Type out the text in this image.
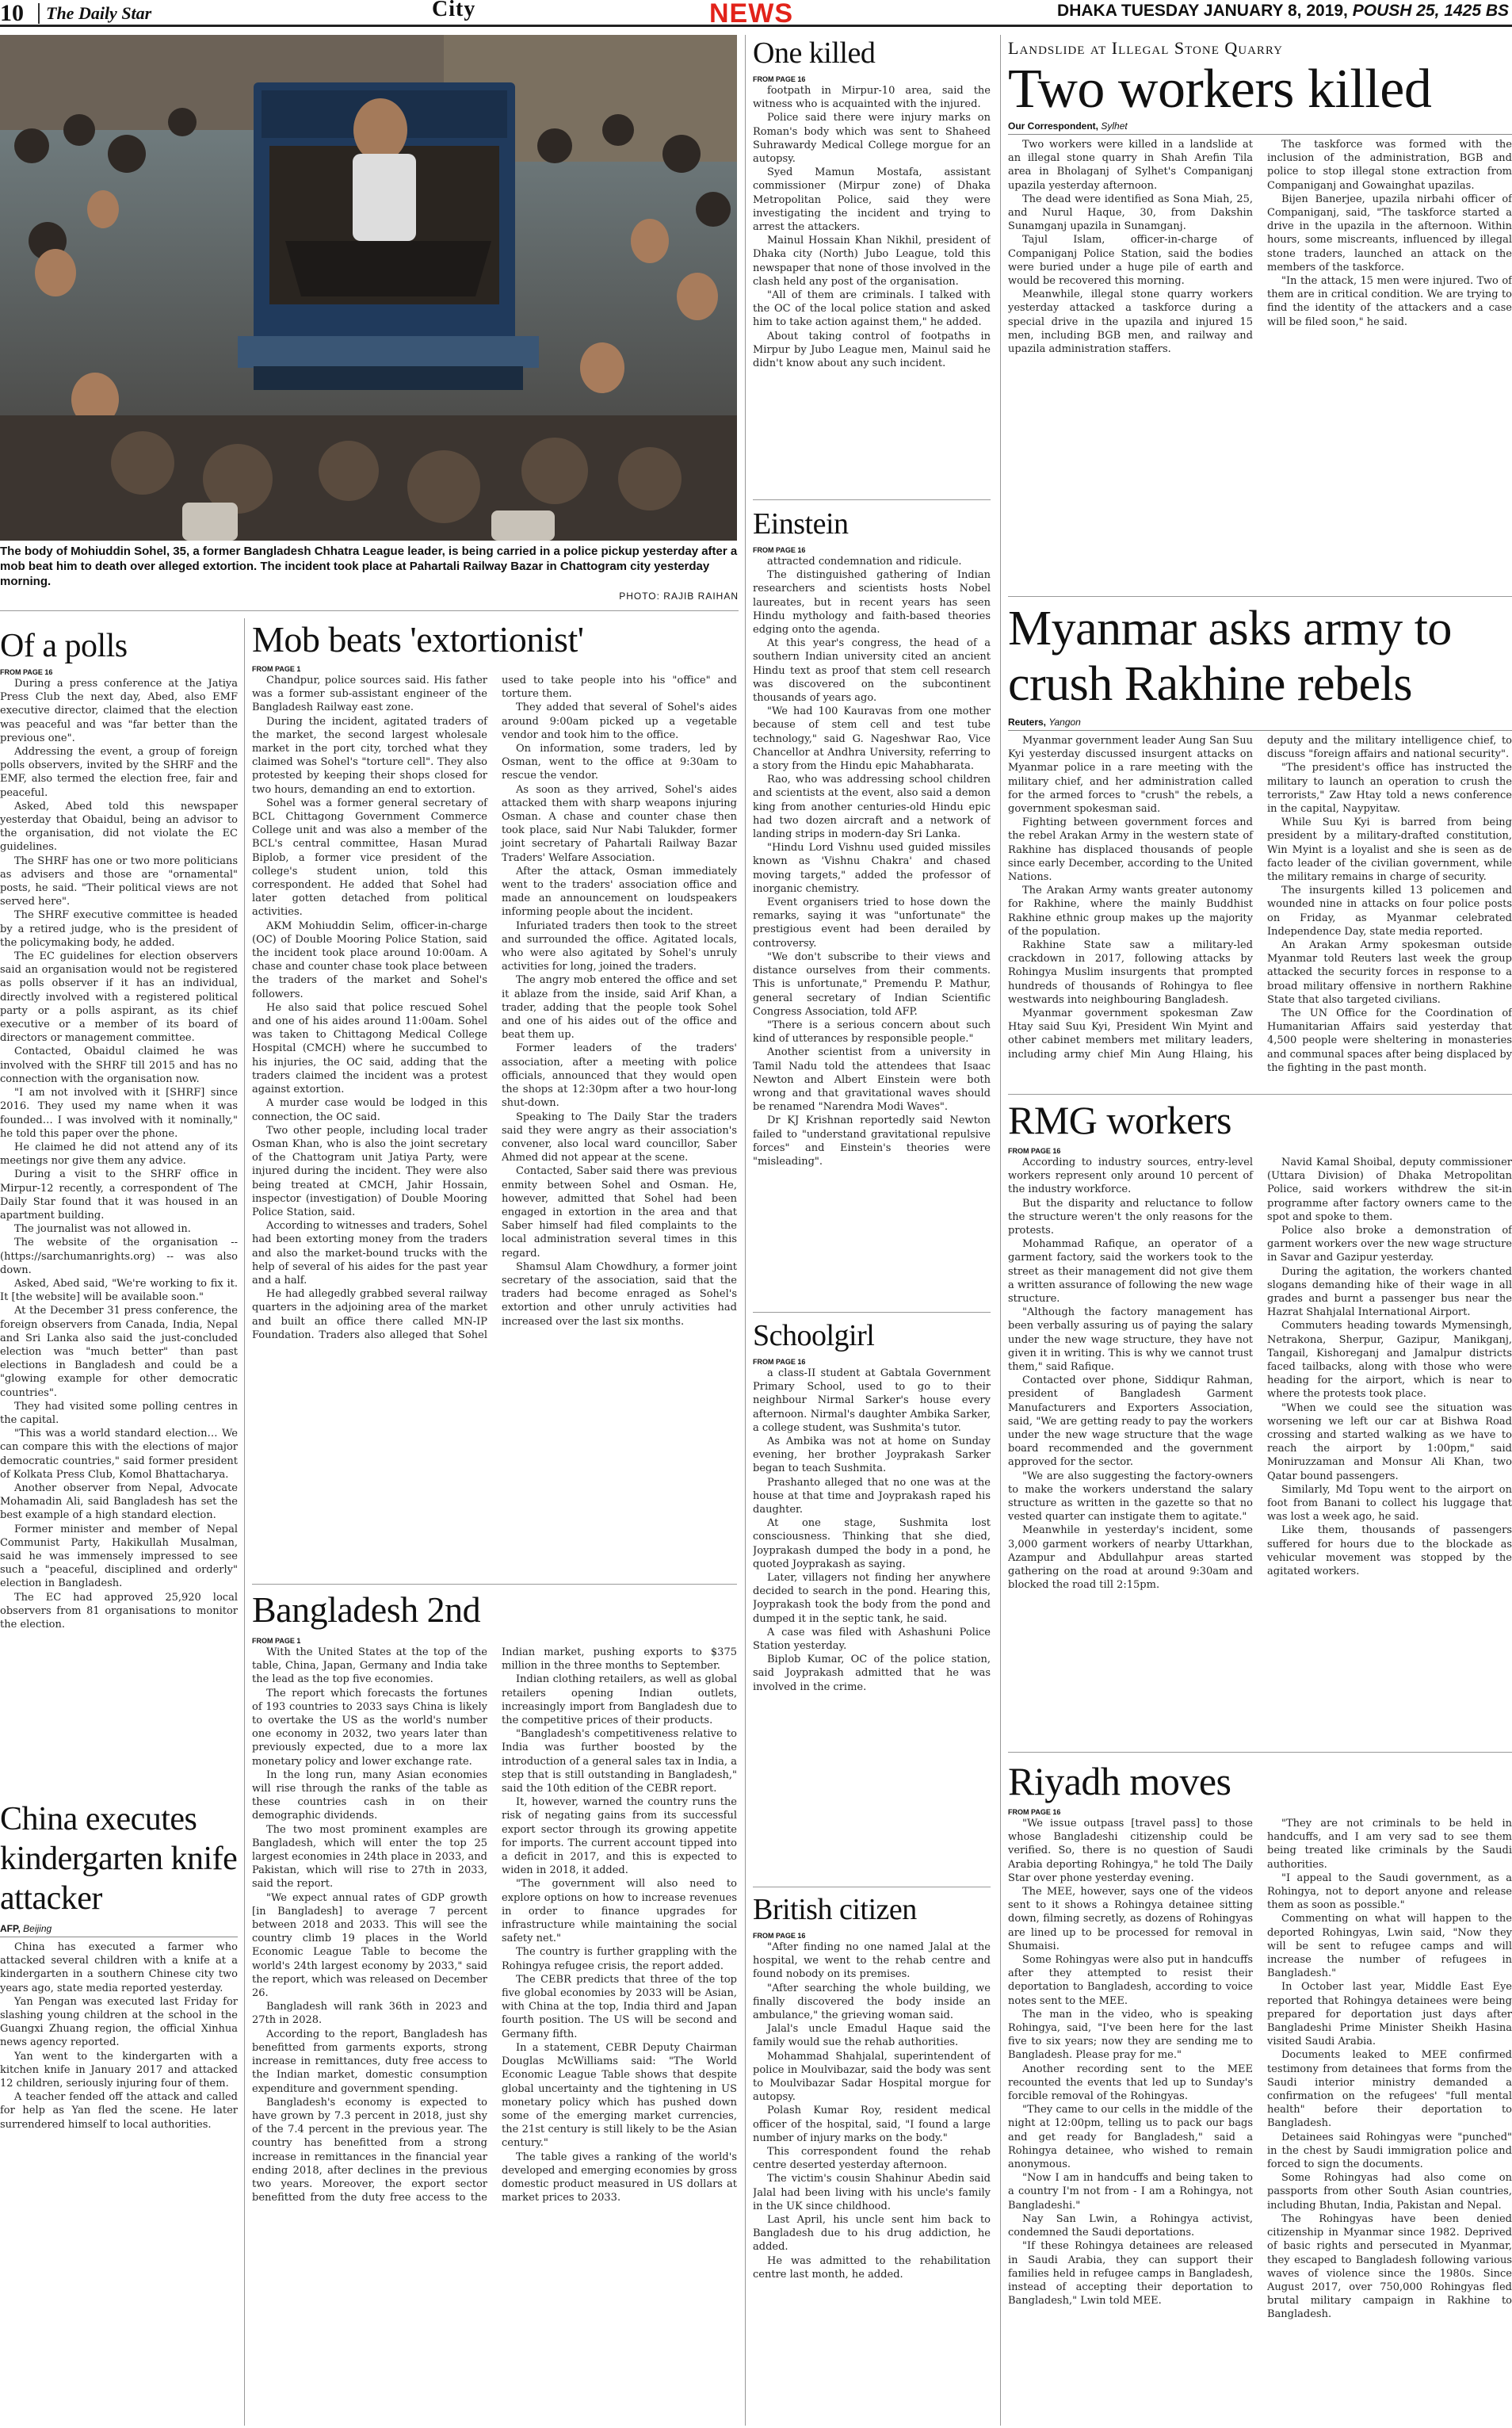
10	The Daily Star	City	NEWS	DHAKA TUESDAY JANUARY 8, 2019, POUSH 25, 1425 BS
The body of Mohiuddin Sohel, 35, a former Bangladesh Chhatra League leader, is being carried in a police pickup yesterday after a mob beat him to death over alleged extortion. The incident took place at Pahartali Railway Bazar in Chattogram city yesterday morning.
PHOTO: RAJIB RAIHAN
Of a polls
FROM PAGE 16

During a press conference at the Jatiya Press Club the next day, Abed, also EMF executive director, claimed that the election was peaceful and was "far better than the previous one".

Addressing the event, a group of foreign polls observers, invited by the SHRF and the EMF, also termed the election free, fair and peaceful.

Asked, Abed told this newspaper yesterday that Obaidul, being an advisor to the organisation, did not violate the EC guidelines.

The SHRF has one or two more politicians as advisers and those are "ornamental" posts, he said. "Their political views are not served here".

The SHRF executive committee is headed by a retired judge, who is the president of the policymaking body, he added.

The EC guidelines for election observers said an organisation would not be registered as polls observer if it has an individual, directly involved with a registered political party or a polls aspirant, as its chief executive or a member of its board of directors or management committee.

Contacted, Obaidul claimed he was involved with the SHRF till 2015 and has no connection with the organisation now.

"I am not involved with it [SHRF] since 2016. They used my name when it was founded… I was involved with it nominally," he told this paper over the phone.

He claimed he did not attend any of its meetings nor give them any advice.

During a visit to the SHRF office in Mirpur-12 recently, a correspondent of The Daily Star found that it was housed in an apartment building.

The journalist was not allowed in.

The website of the organisation -- (https://sarchumanrights.org) -- was also down.

Asked, Abed said, "We're working to fix it. It [the website] will be available soon."

At the December 31 press conference, the foreign observers from Canada, India, Nepal and Sri Lanka also said the just-concluded election was "much better" than past elections in Bangladesh and could be a "glowing example for other democratic countries".

They had visited some polling centres in the capital.

"This was a world standard election… We can compare this with the elections of major democratic countries," said former president of Kolkata Press Club, Komol Bhattacharya.

Another observer from Nepal, Advocate Mohamadin Ali, said Bangladesh has set the best example of a high standard election.

Former minister and member of Nepal Communist Party, Hakikullah Musalman, said he was immensely impressed to see such a "peaceful, disciplined and orderly" election in Bangladesh.

The EC had approved 25,920 local observers from 81 organisations to monitor the election.

China executes kindergarten knife attacker
AFP, Beijing

China has executed a farmer who attacked several children with a knife at a kindergarten in a southern Chinese city two years ago, state media reported yesterday.

Yan Pengan was executed last Friday for slashing young children at the school in the Guangxi Zhuang region, the official Xinhua news agency reported.

Yan went to the kindergarten with a kitchen knife in January 2017 and attacked 12 children, seriously injuring four of them.

A teacher fended off the attack and called for help as Yan fled the scene. He later surrendered himself to local authorities.

Mob beats 'extortionist'
FROM PAGE 1

Chandpur, police sources said. His father was a former sub-assistant engineer of the Bangladesh Railway east zone.

During the incident, agitated traders of the market, the second largest wholesale market in the port city, torched what they claimed was Sohel's "torture cell". They also protested by keeping their shops closed for two hours, demanding an end to extortion.

Sohel was a former general secretary of BCL Chittagong Government Commerce College unit and was also a member of the BCL's central committee, Hasan Murad Biplob, a former vice president of the college's student union, told this correspondent. He added that Sohel had later gotten detached from political activities.

AKM Mohiuddin Selim, officer-in-charge (OC) of Double Mooring Police Station, said the incident took place around 10:00am. A chase and counter chase took place between the traders of the market and Sohel's followers.

He also said that police rescued Sohel and one of his aides around 11:00am. Sohel was taken to Chittagong Medical College Hospital (CMCH) where he succumbed to his injuries, the OC said, adding that the traders claimed the incident was a protest against extortion.

A murder case would be lodged in this connection, the OC said.

Two other people, including local trader Osman Khan, who is also the joint secretary of the Chattogram unit Jatiya Party, were injured during the incident. They were also being treated at CMCH, Jahir Hossain, inspector (investigation) of Double Mooring Police Station, said.

According to witnesses and traders, Sohel had been extorting money from the traders and also the market-bound trucks with the help of several of his aides for the past year and a half.

He had allegedly grabbed several railway quarters in the adjoining area of the market and built an office there called MN-IP Foundation. Traders also alleged that Sohel used to take people into his "office" and torture them.

They added that several of Sohel's aides around 9:00am picked up a vegetable vendor and took him to the office.

On information, some traders, led by Osman, went to the office at 9:30am to rescue the vendor.

As soon as they arrived, Sohel's aides attacked them with sharp weapons injuring Osman. A chase and counter chase then took place, said Nur Nabi Talukder, former joint secretary of Pahartali Railway Bazar Traders' Welfare Association.

After the attack, Osman immediately went to the traders' association office and made an announcement on loudspeakers informing people about the incident.

Infuriated traders then took to the street and surrounded the office. Agitated locals, who were also agitated by Sohel's unruly activities for long, joined the traders.

The angry mob entered the office and set it ablaze from the inside, said Arif Khan, a trader, adding that the people took Sohel and one of his aides out of the office and beat them up.

Former leaders of the traders' association, after a meeting with police officials, announced that they would open the shops at 12:30pm after a two hour-long shut-down.

Speaking to The Daily Star the traders said they were angry as their association's convener, also local ward councillor, Saber Ahmed did not appear at the scene.

Contacted, Saber said there was previous enmity between Sohel and Osman. He, however, admitted that Sohel had been engaged in extortion in the area and that Saber himself had filed complaints to the local administration several times in this regard.

Shamsul Alam Chowdhury, a former joint secretary of the association, said that the traders had become enraged as Sohel's extortion and other unruly activities had increased over the last six months.

Bangladesh 2nd
FROM PAGE 1

With the United States at the top of the table, China, Japan, Germany and India take the lead as the top five economies.

The report which forecasts the fortunes of 193 countries to 2033 says China is likely to overtake the US as the world's number one economy in 2032, two years later than previously expected, due to a more lax monetary policy and lower exchange rate.

In the long run, many Asian economies will rise through the ranks of the table as these countries cash in on their demographic dividends.

The two most prominent examples are Bangladesh, which will enter the top 25 largest economies in 24th place in 2033, and Pakistan, which will rise to 27th in 2033, said the report.

"We expect annual rates of GDP growth [in Bangladesh] to average 7 percent between 2018 and 2033. This will see the country climb 19 places in the World Economic League Table to become the world's 24th largest economy by 2033," said the report, which was released on December 26.

Bangladesh will rank 36th in 2023 and 27th in 2028.

According to the report, Bangladesh has benefitted from garments exports, strong increase in remittances, duty free access to the Indian market, domestic consumption expenditure and government spending.

Bangladesh's economy is expected to have grown by 7.3 percent in 2018, just shy of the 7.4 percent in the previous year. The country has benefitted from a strong increase in remittances in the financial year ending 2018, after declines in the previous two years. Moreover, the export sector benefitted from the duty free access to the Indian market, pushing exports to $375 million in the three months to September.

Indian clothing retailers, as well as global retailers opening Indian outlets, increasingly import from Bangladesh due to the competitive prices of their products.

"Bangladesh's competitiveness relative to India was further boosted by the introduction of a general sales tax in India, a step that is still outstanding in Bangladesh," said the 10th edition of the CEBR report.

It, however, warned the country runs the risk of negating gains from its successful export sector through its growing appetite for imports. The current account tipped into a deficit in 2017, and this is expected to widen in 2018, it added.

"The government will also need to explore options on how to increase revenues in order to finance upgrades for infrastructure while maintaining the social safety net."

The country is further grappling with the Rohingya refugee crisis, the report added.

The CEBR predicts that three of the top five global economies by 2033 will be Asian, with China at the top, India third and Japan fourth position. The US will be second and Germany fifth.

In a statement, CEBR Deputy Chairman Douglas McWilliams said: "The World Economic League Table shows that despite global uncertainty and the tightening in US monetary policy which has pushed down some of the emerging market currencies, the 21st century is still likely to be the Asian century."

The table gives a ranking of the world's developed and emerging economies by gross domestic product measured in US dollars at market prices to 2033.

One killed
FROM PAGE 16

footpath in Mirpur-10 area, said the witness who is acquainted with the injured.

Police said there were injury marks on Roman's body which was sent to Shaheed Suhrawardy Medical College morgue for an autopsy.

Syed Mamun Mostafa, assistant commissioner (Mirpur zone) of Dhaka Metropolitan Police, said they were investigating the incident and trying to arrest the attackers.

Mainul Hossain Khan Nikhil, president of Dhaka city (North) Jubo League, told this newspaper that none of those involved in the clash held any post of the organisation.

"All of them are criminals. I talked with the OC of the local police station and asked him to take action against them," he added.

About taking control of footpaths in Mirpur by Jubo League men, Mainul said he didn't know about any such incident.

Einstein
FROM PAGE 16

attracted condemnation and ridicule.

The distinguished gathering of Indian researchers and scientists hosts Nobel laureates, but in recent years has seen Hindu mythology and faith-based theories edging onto the agenda.

At this year's congress, the head of a southern Indian university cited an ancient Hindu text as proof that stem cell research was discovered on the subcontinent thousands of years ago.

"We had 100 Kauravas from one mother because of stem cell and test tube technology," said G. Nageshwar Rao, Vice Chancellor at Andhra University, referring to a story from the Hindu epic Mahabharata.

Rao, who was addressing school children and scientists at the event, also said a demon king from another centuries-old Hindu epic had two dozen aircraft and a network of landing strips in modern-day Sri Lanka.

"Hindu Lord Vishnu used guided missiles known as 'Vishnu Chakra' and chased moving targets," added the professor of inorganic chemistry.

Event organisers tried to hose down the remarks, saying it was "unfortunate" the prestigious event had been derailed by controversy.

"We don't subscribe to their views and distance ourselves from their comments. This is unfortunate," Premendu P. Mathur, general secretary of Indian Scientific Congress Association, told AFP.

"There is a serious concern about such kind of utterances by responsible people."

Another scientist from a university in Tamil Nadu told the attendees that Isaac Newton and Albert Einstein were both wrong and that gravitational waves should be renamed "Narendra Modi Waves".

Dr KJ Krishnan reportedly said Newton failed to "understand gravitational repulsive forces" and Einstein's theories were "misleading".

Schoolgirl
FROM PAGE 16

a class-II student at Gabtala Government Primary School, used to go to their neighbour Nirmal Sarker's house every afternoon. Nirmal's daughter Ambika Sarker, a college student, was Sushmita's tutor.

As Ambika was not at home on Sunday evening, her brother Joyprakash Sarker began to teach Sushmita.

Prashanto alleged that no one was at the house at that time and Joyprakash raped his daughter.

At one stage, Sushmita lost consciousness. Thinking that she died, Joyprakash dumped the body in a pond, he quoted Joyprakash as saying.

Later, villagers not finding her anywhere decided to search in the pond. Hearing this, Joyprakash took the body from the pond and dumped it in the septic tank, he said.

A case was filed with Ashashuni Police Station yesterday.

Biplob Kumar, OC of the police station, said Joyprakash admitted that he was involved in the crime.

British citizen
FROM PAGE 16

"After finding no one named Jalal at the hospital, we went to the rehab centre and found nobody on its premises.

"After searching the whole building, we finally discovered the body inside an ambulance," the grieving woman said.

Jalal's uncle Emadul Haque said the family would sue the rehab authorities.

Mohammad Shahjalal, superintendent of police in Moulvibazar, said the body was sent to Moulvibazar Sadar Hospital morgue for autopsy.

Polash Kumar Roy, resident medical officer of the hospital, said, "I found a large number of injury marks on the body."

This correspondent found the rehab centre deserted yesterday afternoon.

The victim's cousin Shahinur Abedin said Jalal had been living with his uncle's family in the UK since childhood.

Last April, his uncle sent him back to Bangladesh due to his drug addiction, he added.

He was admitted to the rehabilitation centre last month, he added.

Landslide at Illegal Stone Quarry
Two workers killed
Our Correspondent, Sylhet

Two workers were killed in a landslide at an illegal stone quarry in Shah Arefin Tila area in Bholaganj of Sylhet's Companiganj upazila yesterday afternoon.

The dead were identified as Sona Miah, 25, and Nurul Haque, 30, from Dakshin Sunamganj upazila in Sunamganj.

Tajul Islam, officer-in-charge of Companiganj Police Station, said the bodies were buried under a huge pile of earth and would be recovered this morning.

Meanwhile, illegal stone quarry workers yesterday attacked a taskforce during a special drive in the upazila and injured 15 men, including BGB men, and railway and upazila administration staffers.

The taskforce was formed with the inclusion of the administration, BGB and police to stop illegal stone extraction from Companiganj and Gowainghat upazilas.

Bijen Banerjee, upazila nirbahi officer of Companiganj, said, "The taskforce started a drive in the upazila in the afternoon. Within hours, some miscreants, influenced by illegal stone traders, launched an attack on the members of the taskforce.

"In the attack, 15 men were injured. Two of them are in critical condition. We are trying to find the identity of the attackers and a case will be filed soon," he said.

Myanmar asks army to crush Rakhine rebels
Reuters, Yangon

Myanmar government leader Aung San Suu Kyi yesterday discussed insurgent attacks on Myanmar police in a rare meeting with the military chief, and her administration called for the armed forces to "crush" the rebels, a government spokesman said.

Fighting between government forces and the rebel Arakan Army in the western state of Rakhine has displaced thousands of people since early December, according to the United Nations.

The Arakan Army wants greater autonomy for Rakhine, where the mainly Buddhist Rakhine ethnic group makes up the majority of the population.

Rakhine State saw a military-led crackdown in 2017, following attacks by Rohingya Muslim insurgents that prompted hundreds of thousands of Rohingya to flee westwards into neighbouring Bangladesh.

Myanmar government spokesman Zaw Htay said Suu Kyi, President Win Myint and other cabinet members met military leaders, including army chief Min Aung Hlaing, his deputy and the military intelligence chief, to discuss "foreign affairs and national security".

"The president's office has instructed the military to launch an operation to crush the terrorists," Zaw Htay told a news conference in the capital, Naypyitaw.

While Suu Kyi is barred from being president by a military-drafted constitution, Win Myint is a loyalist and she is seen as de facto leader of the civilian government, while the military remains in charge of security.

The insurgents killed 13 policemen and wounded nine in attacks on four police posts on Friday, as Myanmar celebrated Independence Day, state media reported.

An Arakan Army spokesman outside Myanmar told Reuters last week the group attacked the security forces in response to a broad military offensive in northern Rakhine State that also targeted civilians.

The UN Office for the Coordination of Humanitarian Affairs said yesterday that 4,500 people were sheltering in monasteries and communal spaces after being displaced by the fighting in the past month.

RMG workers
FROM PAGE 16

According to industry sources, entry-level workers represent only around 10 percent of the industry workforce.

But the disparity and reluctance to follow the structure weren't the only reasons for the protests.

Mohammad Rafique, an operator of a garment factory, said the workers took to the street as their management did not give them a written assurance of following the new wage structure.

"Although the factory management has been verbally assuring us of paying the salary under the new wage structure, they have not given it in writing. This is why we cannot trust them," said Rafique.

Contacted over phone, Siddiqur Rahman, president of Bangladesh Garment Manufacturers and Exporters Association, said, "We are getting ready to pay the workers under the new wage structure that the wage board recommended and the government approved for the sector.

"We are also suggesting the factory-owners to make the workers understand the salary structure as written in the gazette so that no vested quarter can instigate them to agitate."

Meanwhile in yesterday's incident, some 3,000 garment workers of nearby Uttarkhan, Azampur and Abdullahpur areas started gathering on the road at around 9:30am and blocked the road till 2:15pm.

Navid Kamal Shoibal, deputy commissioner (Uttara Division) of Dhaka Metropolitan Police, said workers withdrew the sit-in programme after factory owners came to the spot and spoke to them.

Police also broke a demonstration of garment workers over the new wage structure in Savar and Gazipur yesterday.

During the agitation, the workers chanted slogans demanding hike of their wage in all grades and burnt a passenger bus near the Hazrat Shahjalal International Airport.

Commuters heading towards Mymensingh, Netrakona, Sherpur, Gazipur, Manikganj, Tangail, Kishoreganj and Jamalpur districts faced tailbacks, along with those who were heading for the airport, which is near to where the protests took place.

"When we could see the situation was worsening we left our car at Bishwa Road crossing and started walking as we have to reach the airport by 1:00pm," said Moniruzzaman and Monsur Ali Khan, two Qatar bound passengers.

Similarly, Md Topu went to the airport on foot from Banani to collect his luggage that was lost a week ago, he said.

Like them, thousands of passengers suffered for hours due to the blockade as vehicular movement was stopped by the agitated workers.

Riyadh moves
FROM PAGE 16

"We issue outpass [travel pass] to those whose Bangladeshi citizenship could be verified. So, there is no question of Saudi Arabia deporting Rohingya," he told The Daily Star over phone yesterday evening.

The MEE, however, says one of the videos sent to it shows a Rohingya detainee sitting down, filming secretly, as dozens of Rohingyas are lined up to be processed for removal in Shumaisi.

Some Rohingyas were also put in handcuffs after they attempted to resist their deportation to Bangladesh, according to voice notes sent to the MEE.

The man in the video, who is speaking Rohingya, said, "I've been here for the last five to six years; now they are sending me to Bangladesh. Please pray for me."

Another recording sent to the MEE recounted the events that led up to Sunday's forcible removal of the Rohingyas.

"They came to our cells in the middle of the night at 12:00pm, telling us to pack our bags and get ready for Bangladesh," said a Rohingya detainee, who wished to remain anonymous.

"Now I am in handcuffs and being taken to a country I'm not from - I am a Rohingya, not Bangladeshi."

Nay San Lwin, a Rohingya activist, condemned the Saudi deportations.

"If these Rohingya detainees are released in Saudi Arabia, they can support their families held in refugee camps in Bangladesh, instead of accepting their deportation to Bangladesh," Lwin told MEE.

"They are not criminals to be held in handcuffs, and I am very sad to see them being treated like criminals by the Saudi authorities.

"I appeal to the Saudi government, as a Rohingya, not to deport anyone and release them as soon as possible."

Commenting on what will happen to the deported Rohingyas, Lwin said, "Now they will be sent to refugee camps and will increase the number of refugees in Bangladesh."

In October last year, Middle East Eye reported that Rohingya detainees were being prepared for deportation just days after Bangladeshi Prime Minister Sheikh Hasina visited Saudi Arabia.

Documents leaked to MEE confirmed testimony from detainees that forms from the Saudi interior ministry demanded a confirmation on the refugees' "full mental health" before their deportation to Bangladesh.

Detainees said Rohingyas were "punched" in the chest by Saudi immigration police and forced to sign the documents.

Some Rohingyas had also come on passports from other South Asian countries, including Bhutan, India, Pakistan and Nepal.

The Rohingyas have been denied citizenship in Myanmar since 1982. Deprived of basic rights and persecuted in Myanmar, they escaped to Bangladesh following various waves of violence since the 1980s. Since August 2017, over 750,000 Rohingyas fled brutal military campaign in Rakhine to Bangladesh.
